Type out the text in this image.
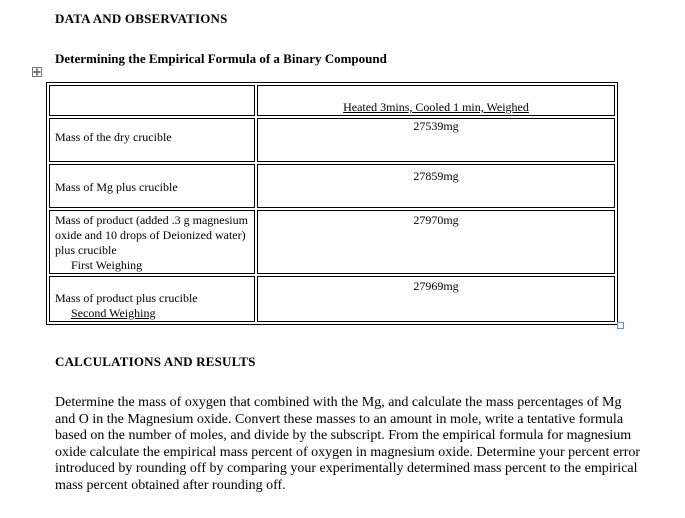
DATA AND OBSERVATIONS
Determining the Empirical Formula of a Binary Compound
	Heated 3mins, Cooled 1 min, Weighed

Mass of the dry crucible	27539mg

Mass of Mg plus crucible	27859mg

Mass of product (added .3 g magnesium oxide and 10 drops of Deionized water) plus crucible
First Weighing	27970mg

Mass of product plus crucible
Second Weighing	27969mg
CALCULATIONS AND RESULTS
Determine the mass of oxygen that combined with the Mg, and calculate the mass percentages of Mg and O in the Magnesium oxide. Convert these masses to an amount in mole, write a tentative formula based on the number of moles, and divide by the subscript. From the empirical formula for magnesium oxide calculate the empirical mass percent of oxygen in magnesium oxide. Determine your percent error introduced by rounding off by comparing your experimentally determined mass percent to the empirical mass percent obtained after rounding off.
